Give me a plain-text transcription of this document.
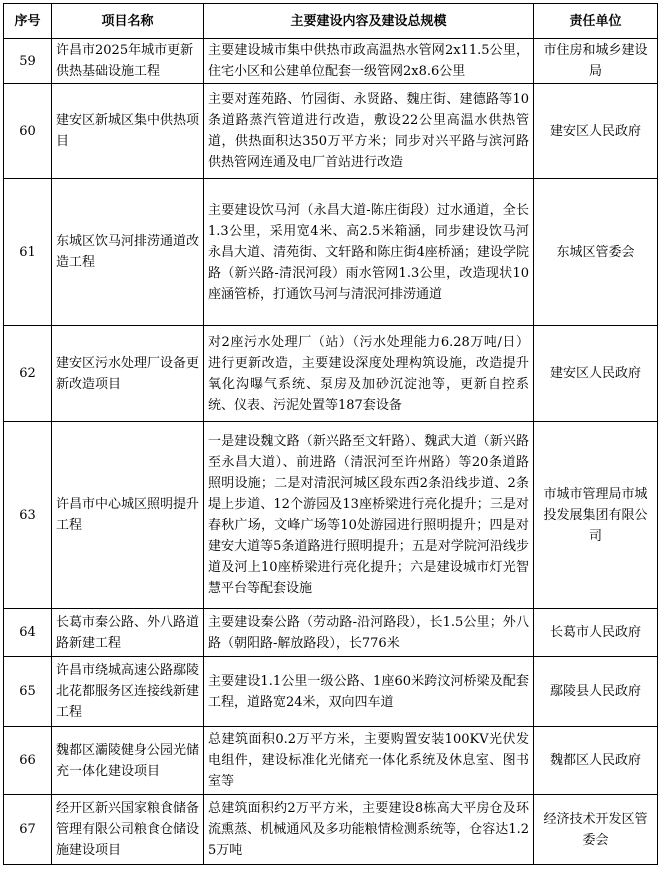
序号	项目名称	主要建设内容及建设总规模	责任单位
59	许昌市2025年城市更新供热基础设施工程	主要建设城市集中供热市政高温热水管网2x11.5公里，住宅小区和公建单位配套一级管网2x8.6公里	市住房和城乡建设局
60	建安区新城区集中供热项目	主要对莲苑路、竹园街、永贤路、魏庄街、建德路等10条道路蒸汽管道进行改造，敷设22公里高温水供热管道，供热面积达350万平方米；同步对兴平路与滨河路供热管网连通及电厂首站进行改造	建安区人民政府
61	东城区饮马河排涝通道改造工程	主要建设饮马河（永昌大道-陈庄街段）过水通道，全长1.3公里，采用宽4米、高2.5米箱涵，同步建设饮马河永昌大道、清苑街、文轩路和陈庄街4座桥涵；建设学院路（新兴路-清泯河段）雨水管网1.3公里，改造现状10座涵管桥，打通饮马河与清泯河排涝通道	东城区管委会
62	建安区污水处理厂设备更新改造项目	对2座污水处理厂（站）（污水处理能力6.28万吨/日）进行更新改造，主要建设深度处理构筑设施，改造提升氧化沟曝气系统、泵房及加砂沉淀池等，更新自控系统、仪表、污泥处置等187套设备	建安区人民政府
63	许昌市中心城区照明提升工程	一是建设魏文路（新兴路至文轩路）、魏武大道（新兴路至永昌大道）、前进路（清泯河至许州路）等20条道路照明设施；二是对清泯河城区段东西2条沿线步道、2条堤上步道、12个游园及13座桥梁进行亮化提升；三是对春秋广场，文峰广场等10处游园进行照明提升；四是对建安大道等5条道路进行照明提升；五是对学院河沿线步道及河上10座桥梁进行亮化提升；六是建设城市灯光智慧平台等配套设施	市城市管理局市城投发展集团有限公司
64	长葛市秦公路、外八路道路新建工程	主要建设秦公路（劳动路-沿河路段），长1.5公里；外八路（朝阳路-解放路段），长776米	长葛市人民政府
65	许昌市绕城高速公路鄢陵北花都服务区连接线新建工程	主要建设1.1公里一级公路、1座60米跨汶河桥梁及配套工程，道路宽24米，双向四车道	鄢陵县人民政府
66	魏都区灞陵健身公园光储充一体化建设项目	总建筑面积0.2万平方米，主要购置安装100KV光伏发电组件，建设标准化光储充一体化系统及休息室、图书室等	魏都区人民政府
67	经开区新兴国家粮食储备管理有限公司粮食仓储设施建设项目	总建筑面积约2万平方米，主要建设8栋高大平房仓及环流熏蒸、机械通风及多功能粮情检测系统等，仓容达1.25万吨	经济技术开发区管委会
